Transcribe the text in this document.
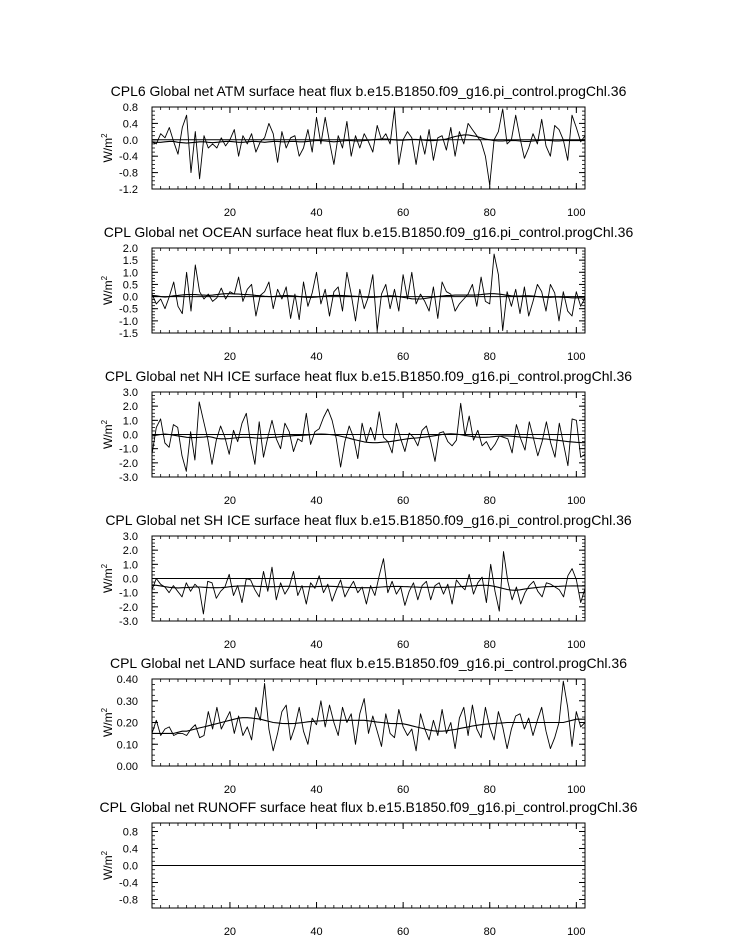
CPL6 Global net ATM surface heat flux b.e15.B1850.f09_g16.pi_control.progChl.36
-1.2
-0.8
-0.4
0.0
0.4
0.8
20	40	60	80	100
$W/m^2$
CPL Global net OCEAN surface heat flux b.e15.B1850.f09_g16.pi_control.progChl.36
-1.5
-1.0
-0.5
0.0
0.5
1.0
1.5
2.0
20	40	60	80	100
$W/m^2$
CPL Global net NH ICE surface heat flux b.e15.B1850.f09_g16.pi_control.progChl.36
-3.0
-2.0
-1.0
0.0
1.0
2.0
3.0
20	40	60	80	100
$W/m^2$
CPL Global net SH ICE surface heat flux b.e15.B1850.f09_g16.pi_control.progChl.36
-3.0
-2.0
-1.0
0.0
1.0
2.0
3.0
20	40	60	80	100
$W/m^2$
CPL Global net LAND surface heat flux b.e15.B1850.f09_g16.pi_control.progChl.36
0.00
0.10
0.20
0.30
0.40
20	40	60	80	100
$W/m^2$
CPL Global net RUNOFF surface heat flux b.e15.B1850.f09_g16.pi_control.progChl.36
-0.8
-0.4
0.0
0.4
0.8
20	40	60	80	100
$W/m^2$
